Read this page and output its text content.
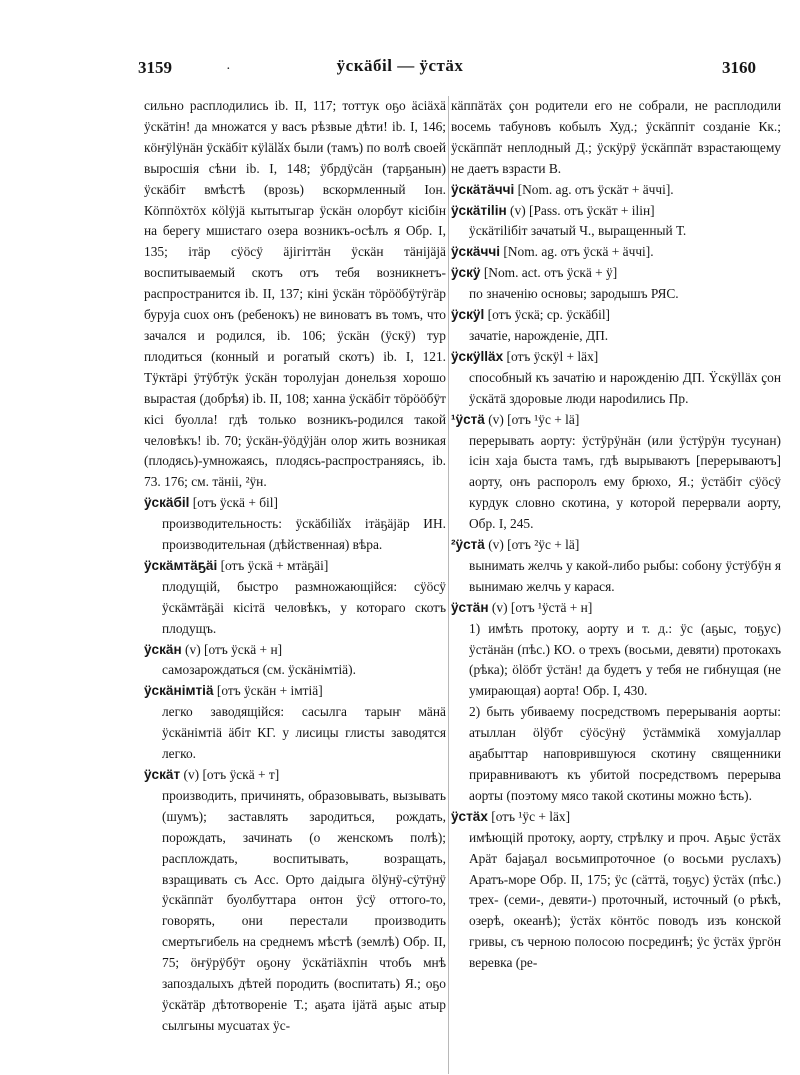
3159	·	ÿскäбіl — ÿстäх	3160

сильно расплодились ib. II, 117; тоттук оҕо äсiäхä ÿскäтiн! да множатся у васъ рѣзвые дѣти! ib. I, 146; кöҥÿlÿнäн ÿскäбiт кÿlälӑх были (тамъ) по волѣ своей выросшiя сѣни ib. I, 148; ÿбрдÿсäн (тарҕанын) ÿскäбiт вмѣстѣ (врозь) вскормленный Іон. Кöппöхтöх кölÿјä кытытыгар ÿскäн олорбут кiсiбiн на берегу мшистаго озера возникъ-осѣлъ я Обр. I, 135; iтäр сÿöсÿ äјiгiттäн ÿскäн тäнiјäјä воспитываемый скотъ отъ тебя возникнетъ-распространится ib. II, 137; кiнi ÿскäн тöрööбÿтÿгäр буруја сuох онъ (ребенокъ) не виноватъ въ томъ, что зачался и родился, ib. 106; ÿскäн (ÿскÿ) тур плодиться (конный и рогатый скотъ) ib. I, 121. Тÿктäрi ÿтÿбтÿк ÿскäн торолујан донельзя хорошо вырастая (добрѣя) ib. II, 108; ханна ÿскäбiт тöрööбÿт кiсi буолла! гдѣ только возникъ-родился такой человѣкъ! ib. 70; ÿскäн-ÿöдÿјäн олор жить возникая (плодясь)-умножаясь, плодясь-распространяясь, ib. 73. 176; см. тäнii, ²ÿн.

ÿскäбil [отъ ÿскä + бil]
производительность: ÿскäбiliӑх iтäҕäјäр ИН. производительная (дѣйственная) вѣра.

ÿскäмтäҕäi [отъ ÿскä + мтäҕäi]
плодущiй, быстро размножающiйся: сÿöсÿ ÿскäмтäҕäi кiсiтä человѣкъ, у котораго скотъ плодущъ.

ÿскäн (v) [отъ ÿскä + н]
самозарождаться (см. ÿскäнiмтiä).

ÿскäнiмтiä [отъ ÿскäн + iмтiä]
легко заводящiйся: сасылга тарыҥ мäнä ÿскäнiмтiä äбiт КГ. у лисицы глисты заводятся легко.

ÿскäт (v) [отъ ÿскä + т]
производить, причинять, образовывать, вызывать (шумъ); заставлять зародиться, рождать, порождать, зачинать (о женскомъ полѣ); расплождать, воспитывать, возращать, взращивать съ Acc. Орто даiдыга ölÿнÿ-сÿтÿнÿ ÿскäппäт буолбуттара онтон ÿсÿ оттого-то, говорять, они перестали производить смертьгибель на среднемъ мѣстѣ (землѣ) Обр. II, 75; öҥÿрÿбÿт оҕону ÿскäтiäхпiн чтобъ мнѣ запоздалыхъ дѣтей породить (воспитать) Я.; оҕо ÿскäтäр дѣтотвореніе Т.; аҕата iјäтä аҕыс атыр сылгыны мусuатах ÿс-

кäппäтäх ҫон родители его не собрали, не расплодили восемь табуновъ кобылъ Худ.; ÿскäппiт созданіе Кк.; ÿскäппäт неплодный Д.; ÿскÿрÿ ÿскäппäт взрастающему не даетъ взрасти В.

ÿскäтäччi [Nom. ag. отъ ÿскäт + äччi].

ÿскäтiliн (v) [Pass. отъ ÿскäт + iliн]
ÿскäтiliбiт зачатый Ч., выращенный Т.

ÿскäччi [Nom. ag. отъ ÿскä + äччi].

ÿскÿ [Nom. act. отъ ÿскä + ÿ]
по значенію основы; зародышъ РЯС.

ÿскÿl [отъ ÿскä; ср. ÿскäбil]
зачатіе, нарожденіе, ДП.

ÿскÿlläх [отъ ÿскÿl + läх]
способный къ зачатію и нарожденію ДП. Ÿскÿlläх ҫон ÿскäтä здоровые люди нарodились Пр.

¹ÿстä (v) [отъ ¹ÿс + lä]
перерывать аорту: ÿстÿрÿнäн (или ÿстÿрÿн тусунан) iсiн хаjа быста тамъ, гдѣ вырываютъ [перерываютъ] аорту, онъ распоролъ ему брюхо, Я.; ÿстäбiт сÿöсÿ курдук словно скотина, у которой перервали аорту, Обр. I, 245.

²ÿстä (v) [отъ ²ÿс + lä]
вынимать желчь у какой-либо рыбы: собону ÿстÿбÿн я вынимаю желчь у карася.

ÿстäн (v) [отъ ¹ÿстä + н]

1) имѣть протоку, аорту и т. д.: ÿс (аҕыс, тоҕус) ÿстäнäн (пѣс.) КО. о трехъ (восьми, девяти) протокахъ (рѣка); ölöбт ÿстäн! да будетъ у тебя не гибнущая (не умирающая) аорта! Обр. I, 430.

2) быть убиваему посредствомъ перерыванія аорты: атыллан ölÿбт сÿöсÿнÿ ÿстäммiкä хомуjаллар аҕабыттар наповрившуюся скотину священники приравниваютъ къ убитой посредствомъ перерыва аорты (поэтому мясо такой скотины можно ѣсть).

ÿстäх [отъ ¹ÿс + läх]
имѣющій протоку, аорту, стрѣлку и проч. Аҕыс ÿстäх Арäт баjаҕал восьмипроточное (о восьми руслахъ) Аратъ-море Обр. II, 175; ÿс (сäттä, тоҕус) ÿстäх (пѣс.) трех- (семи-, девяти-) проточный, источный (о рѣкѣ, озерѣ, океанѣ); ÿстäх кöнтöс поводъ изъ конской гривы, съ черною полосою посрединѣ; ÿс ÿстäх ÿргöн веревка (ре-
